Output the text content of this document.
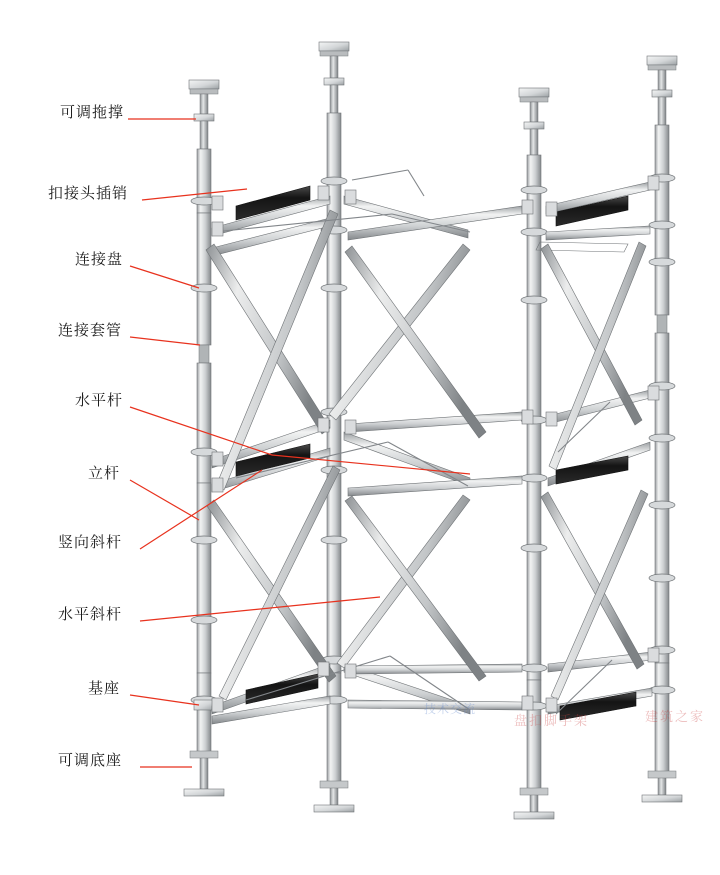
可调拖撑
扣接头插销
连接盘
连接套管
水平杆
立杆
竖向斜杆
水平斜杆
基座
可调底座
盘扣脚手架	建筑之家
技术交流
